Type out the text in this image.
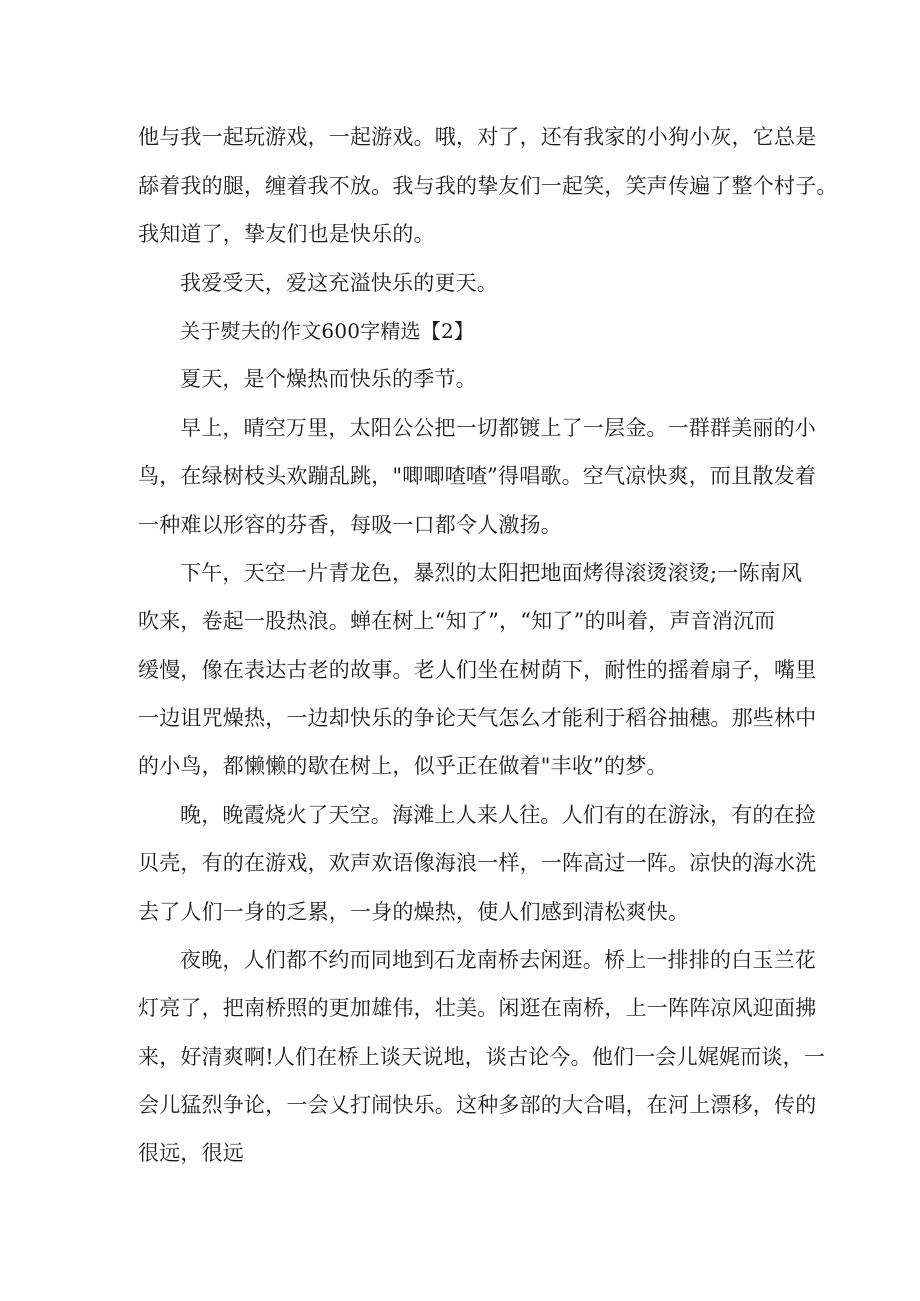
他与我一起玩游戏，一起游戏。哦，对了，还有我家的小狗小灰，它总是
舔着我的腿，缠着我不放。我与我的挚友们一起笑，笑声传遍了整个村子。
我知道了，挚友们也是快乐的。
我爱受天，爱这充溢快乐的更天。
关于熨夫的作文600字精选【2】
夏天，是个燥热而快乐的季节。
早上，晴空万里，太阳公公把一切都镀上了一层金。一群群美丽的小
鸟，在绿树枝头欢蹦乱跳，"唧唧喳喳”得唱歌。空气凉快爽，而且散发着
一种难以形容的芬香，每吸一口都令人激扬。
下午，天空一片青龙色，暴烈的太阳把地面烤得滚烫滚烫;一陈南风
吹来，卷起一股热浪。蝉在树上“知了”，“知了”的叫着，声音消沉而
缓慢，像在表达古老的故事。老人们坐在树荫下，耐性的摇着扇子，嘴里
一边诅咒燥热，一边却快乐的争论天气怎么才能利于稻谷抽穗。那些林中
的小鸟，都懒懒的歇在树上，似乎正在做着"丰收”的梦。
晚，晚霞烧火了天空。海滩上人来人往。人们有的在游泳，有的在捡
贝壳，有的在游戏，欢声欢语像海浪一样，一阵高过一阵。凉快的海水洗
去了人们一身的乏累，一身的燥热，使人们感到清松爽快。
夜晚，人们都不约而同地到石龙南桥去闲逛。桥上一排排的白玉兰花
灯亮了，把南桥照的更加雄伟，壮美。闲逛在南桥，上一阵阵凉风迎面拂
来，好清爽啊!人们在桥上谈天说地，谈古论今。他们一会儿娓娓而谈，一
会儿猛烈争论，一会乂打闹快乐。这种多部的大合唱，在河上漂移，传的
很远，很远
